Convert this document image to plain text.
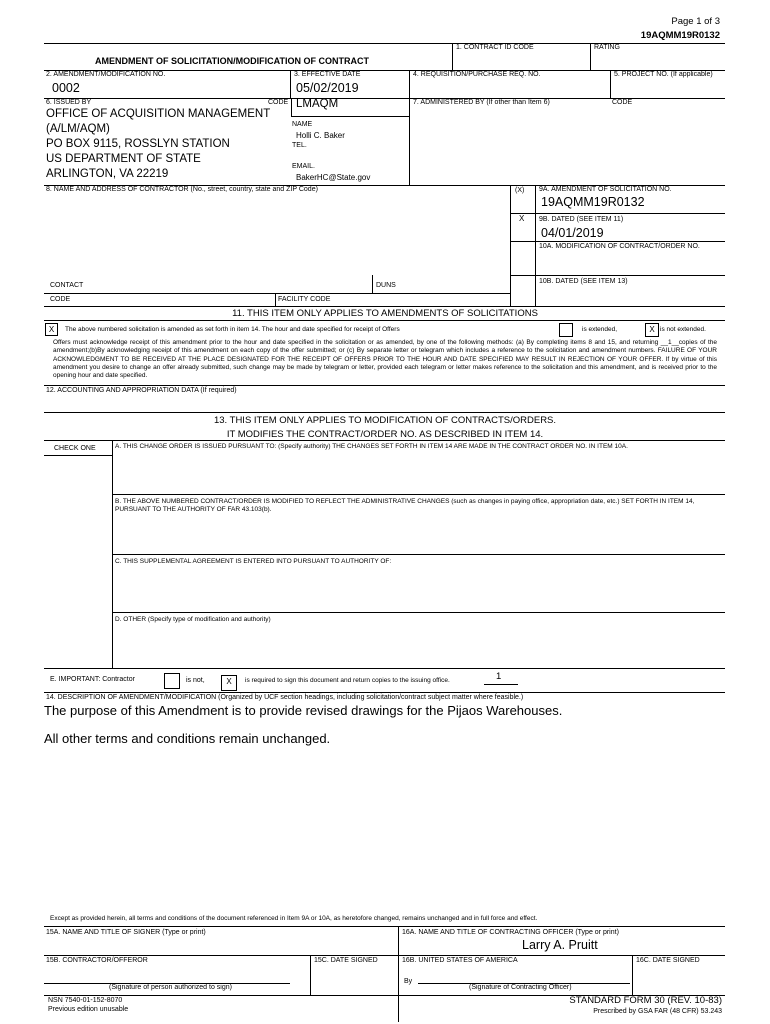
Page 1 of 3
19AQMM19R0132
AMENDMENT OF SOLICITATION/MODIFICATION OF CONTRACT
1. CONTRACT ID CODE	RATING
2. AMENDMENT/MODIFICATION NO.
0002
3. EFFECTIVE DATE
05/02/2019
4. REQUISITION/PURCHASE REQ. NO.	5. PROJECT NO. (If applicable)
6. ISSUED BY	CODE LMAQM
OFFICE OF ACQUISITION MANAGEMENT
(A/LM/AQM)
PO BOX 9115, ROSSLYN STATION
US DEPARTMENT OF STATE
ARLINGTON, VA 22219
NAME
Holli C. Baker
TEL.
EMAIL.
BakerHC@State.gov
7. ADMINISTERED BY (If other than Item 6)	CODE
8. NAME AND ADDRESS OF CONTRACTOR (No., street, country, state and ZIP Code)	(X) 9A. AMENDMENT OF SOLICITATION NO.
19AQMM19R0132
X 9B. DATED (SEE ITEM 11)
04/01/2019
10A. MODIFICATION OF CONTRACT/ORDER NO.
10B. DATED (SEE ITEM 13)
CONTACT	DUNS
CODE	FACILITY CODE
11. THIS ITEM ONLY APPLIES TO AMENDMENTS OF SOLICITATIONS
X	The above numbered solicitation is amended as set forth in item 14. The hour and date specified for receipt of Offers	is extended,	X is not extended.
Offers must acknowledge receipt of this amendment prior to the hour and date specified in the solicitation or as amended, by one of the following methods: (a) By completing items 8 and 15, and returning __1__copies of the amendment;(b)By acknowledging receipt of this amendment on each copy of the offer submitted; or (c) By separate letter or telegram which includes a reference to the solicitation and amendment numbers. FAILURE OF YOUR ACKNOWLEDGMENT TO BE RECEIVED AT THE PLACE DESIGNATED FOR THE RECEIPT OF OFFERS PRIOR TO THE HOUR AND DATE SPECIFIED MAY RESULT IN REJECTION OF YOUR OFFER. If by virtue of this amendment you desire to change an offer already submitted, such change may be made by telegram or letter, provided each telegram or letter makes reference to the solicitation and this amendment, and is received prior to the opening hour and date specified.
12. ACCOUNTING AND APPROPRIATION DATA (If required)
13. THIS ITEM ONLY APPLIES TO MODIFICATION OF CONTRACTS/ORDERS.
IT MODIFIES THE CONTRACT/ORDER NO. AS DESCRIBED IN ITEM 14.
CHECK ONE	A. THIS CHANGE ORDER IS ISSUED PURSUANT TO: (Specify authority) THE CHANGES SET FORTH IN ITEM 14 ARE MADE IN THE CONTRACT ORDER NO. IN ITEM 10A.
B. THE ABOVE NUMBERED CONTRACT/ORDER IS MODIFIED TO REFLECT THE ADMINISTRATIVE CHANGES (such as changes in paying office, appropriation date, etc.) SET FORTH IN ITEM 14, PURSUANT TO THE AUTHORITY OF FAR 43.103(b).
C. THIS SUPPLEMENTAL AGREEMENT IS ENTERED INTO PURSUANT TO AUTHORITY OF:
D. OTHER (Specify type of modification and authority)
E. IMPORTANT: Contractor	is not,	X	is required to sign this document and return copies to the issuing office.	1
14. DESCRIPTION OF AMENDMENT/MODIFICATION (Organized by UCF section headings, including solicitation/contract subject matter where feasible.)
The purpose of this Amendment is to provide revised drawings for the Pijaos Warehouses.
All other terms and conditions remain unchanged.
Except as provided herein, all terms and conditions of the document referenced in Item 9A or 10A, as heretofore changed, remains unchanged and in full force and effect.
15A. NAME AND TITLE OF SIGNER (Type or print)	16A. NAME AND TITLE OF CONTRACTING OFFICER (Type or print)
Larry A. Pruitt
15B. CONTRACTOR/OFFEROR	15C. DATE SIGNED	16B. UNITED STATES OF AMERICA	16C. DATE SIGNED
By
(Signature of person authorized to sign)	(Signature of Contracting Officer)
NSN 7540-01-152-8070
Previous edition unusable
STANDARD FORM 30 (REV. 10-83)
Prescribed by GSA FAR (48 CFR) 53.243
